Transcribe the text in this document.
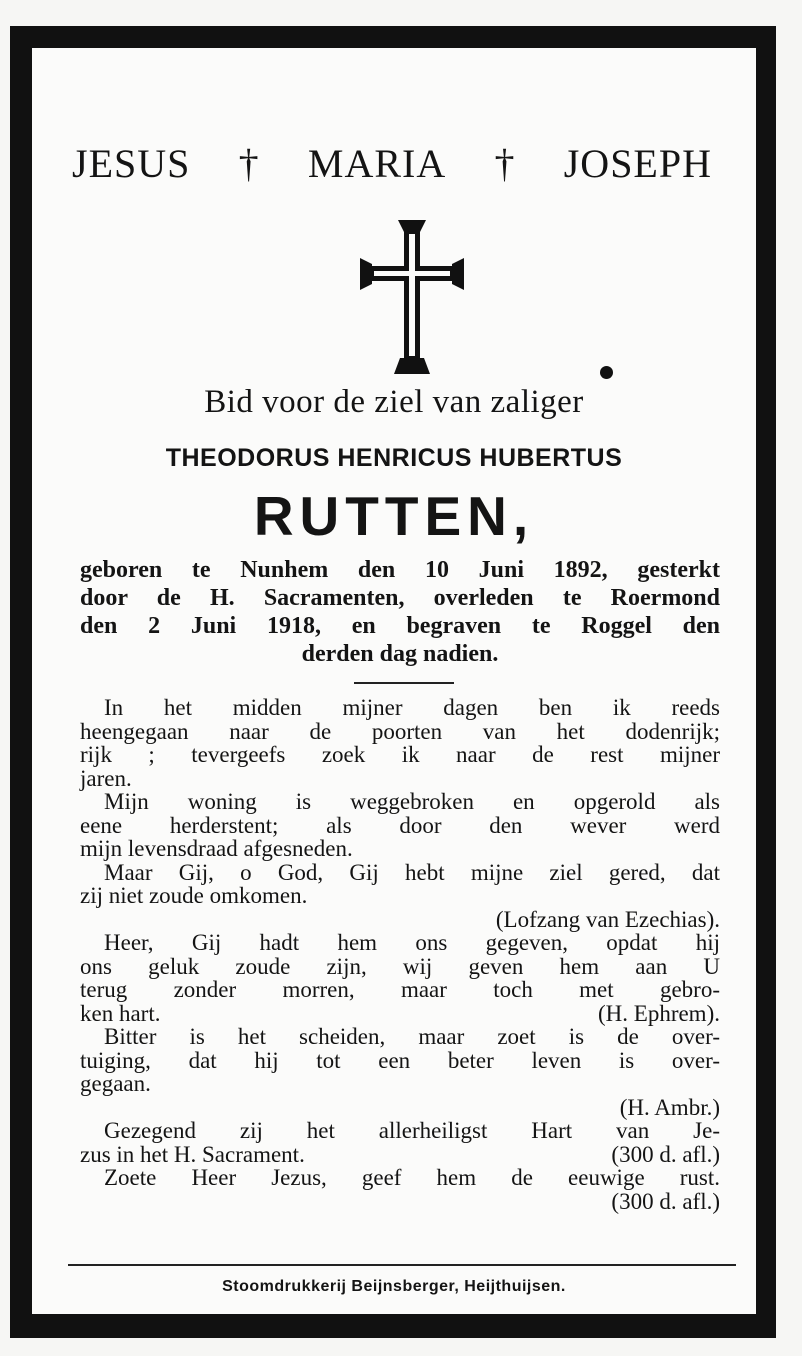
JESUS † MARIA † JOSEPH
Bid voor de ziel van zaliger
THEODORUS HENRICUS HUBERTUS
RUTTEN,
geboren te Nunhem den 10 Juni 1892, gesterkt
door de H. Sacramenten, overleden te Roermond
den 2 Juni 1918, en begraven te Roggel den
derden dag nadien.
In het midden mijner dagen ben ik reeds
heengegaan naar de poorten van het dodenrijk;
rijk ; tevergeefs zoek ik naar de rest mijner
jaren.
Mijn woning is weggebroken en opgerold als
eene herderstent; als door den wever werd
mijn levensdraad afgesneden.
Maar Gij, o God, Gij hebt mijne ziel gered, dat
zij niet zoude omkomen.
(Lofzang van Ezechias).
Heer, Gij hadt hem ons gegeven, opdat hij
ons geluk zoude zijn, wij geven hem aan U
terug zonder morren, maar toch met gebro-
ken hart.	(H. Ephrem).
Bitter is het scheiden, maar zoet is de over-
tuiging, dat hij tot een beter leven is over-
gegaan.
(H. Ambr.)
Gezegend zij het allerheiligst Hart van Je-
zus in het H. Sacrament.	(300 d. afl.)
Zoete Heer Jezus, geef hem de eeuwige rust.
(300 d. afl.)
Stoomdrukkerij Beijnsberger, Heijthuijsen.
